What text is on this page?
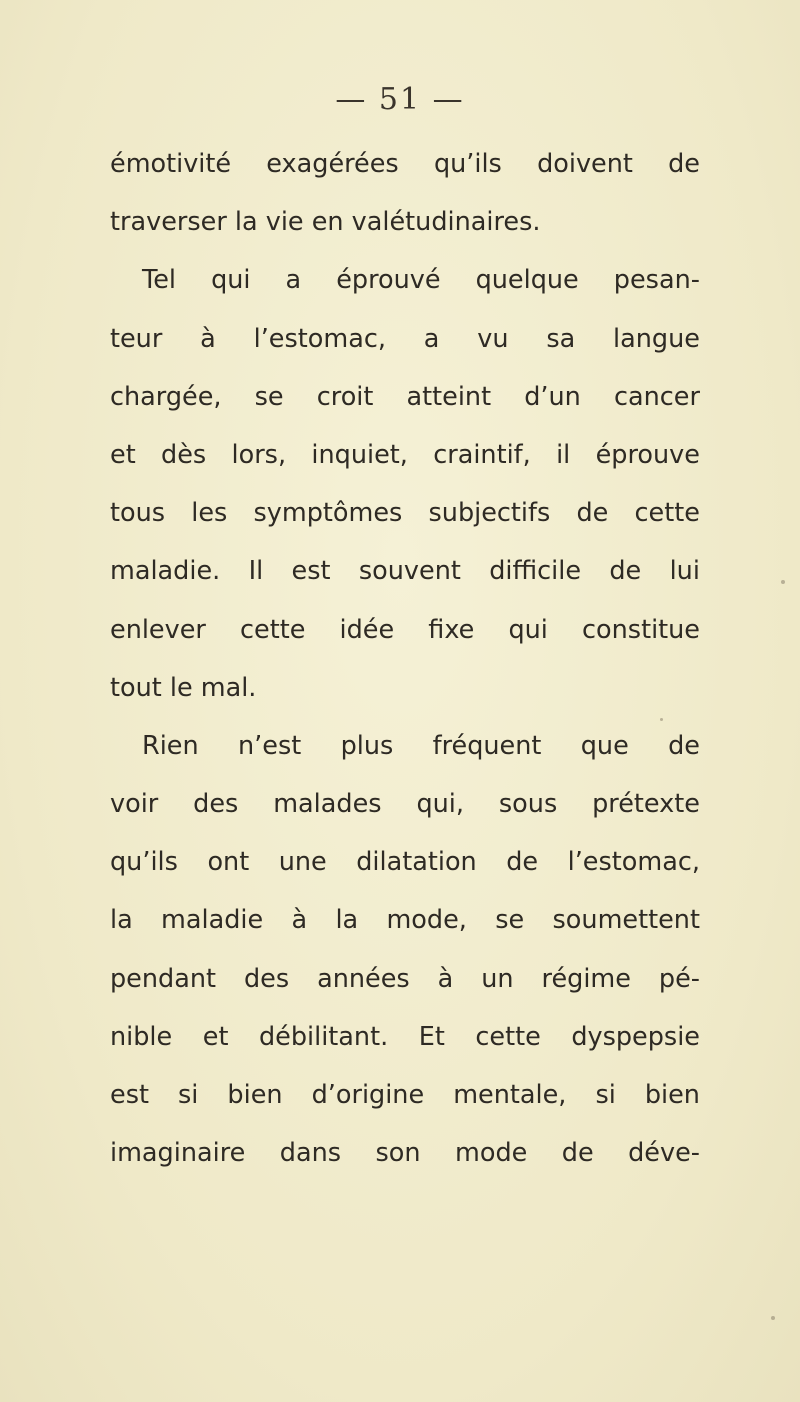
— 51 —
émotivité exagérées qu’ils doivent de
traverser la vie en valétudinaires.
Tel qui a éprouvé quelque pesan-
teur à l’estomac, a vu sa langue
chargée, se croit atteint d’un cancer
et dès lors, inquiet, craintif, il éprouve
tous les symptômes subjectifs de cette
maladie. Il est souvent difficile de lui
enlever cette idée fixe qui constitue
tout le mal.
Rien n’est plus fréquent que de
voir des malades qui, sous prétexte
qu’ils ont une dilatation de l’estomac,
la maladie à la mode, se soumettent
pendant des années à un régime pé-
nible et débilitant. Et cette dyspepsie
est si bien d’origine mentale, si bien
imaginaire dans son mode de déve-
